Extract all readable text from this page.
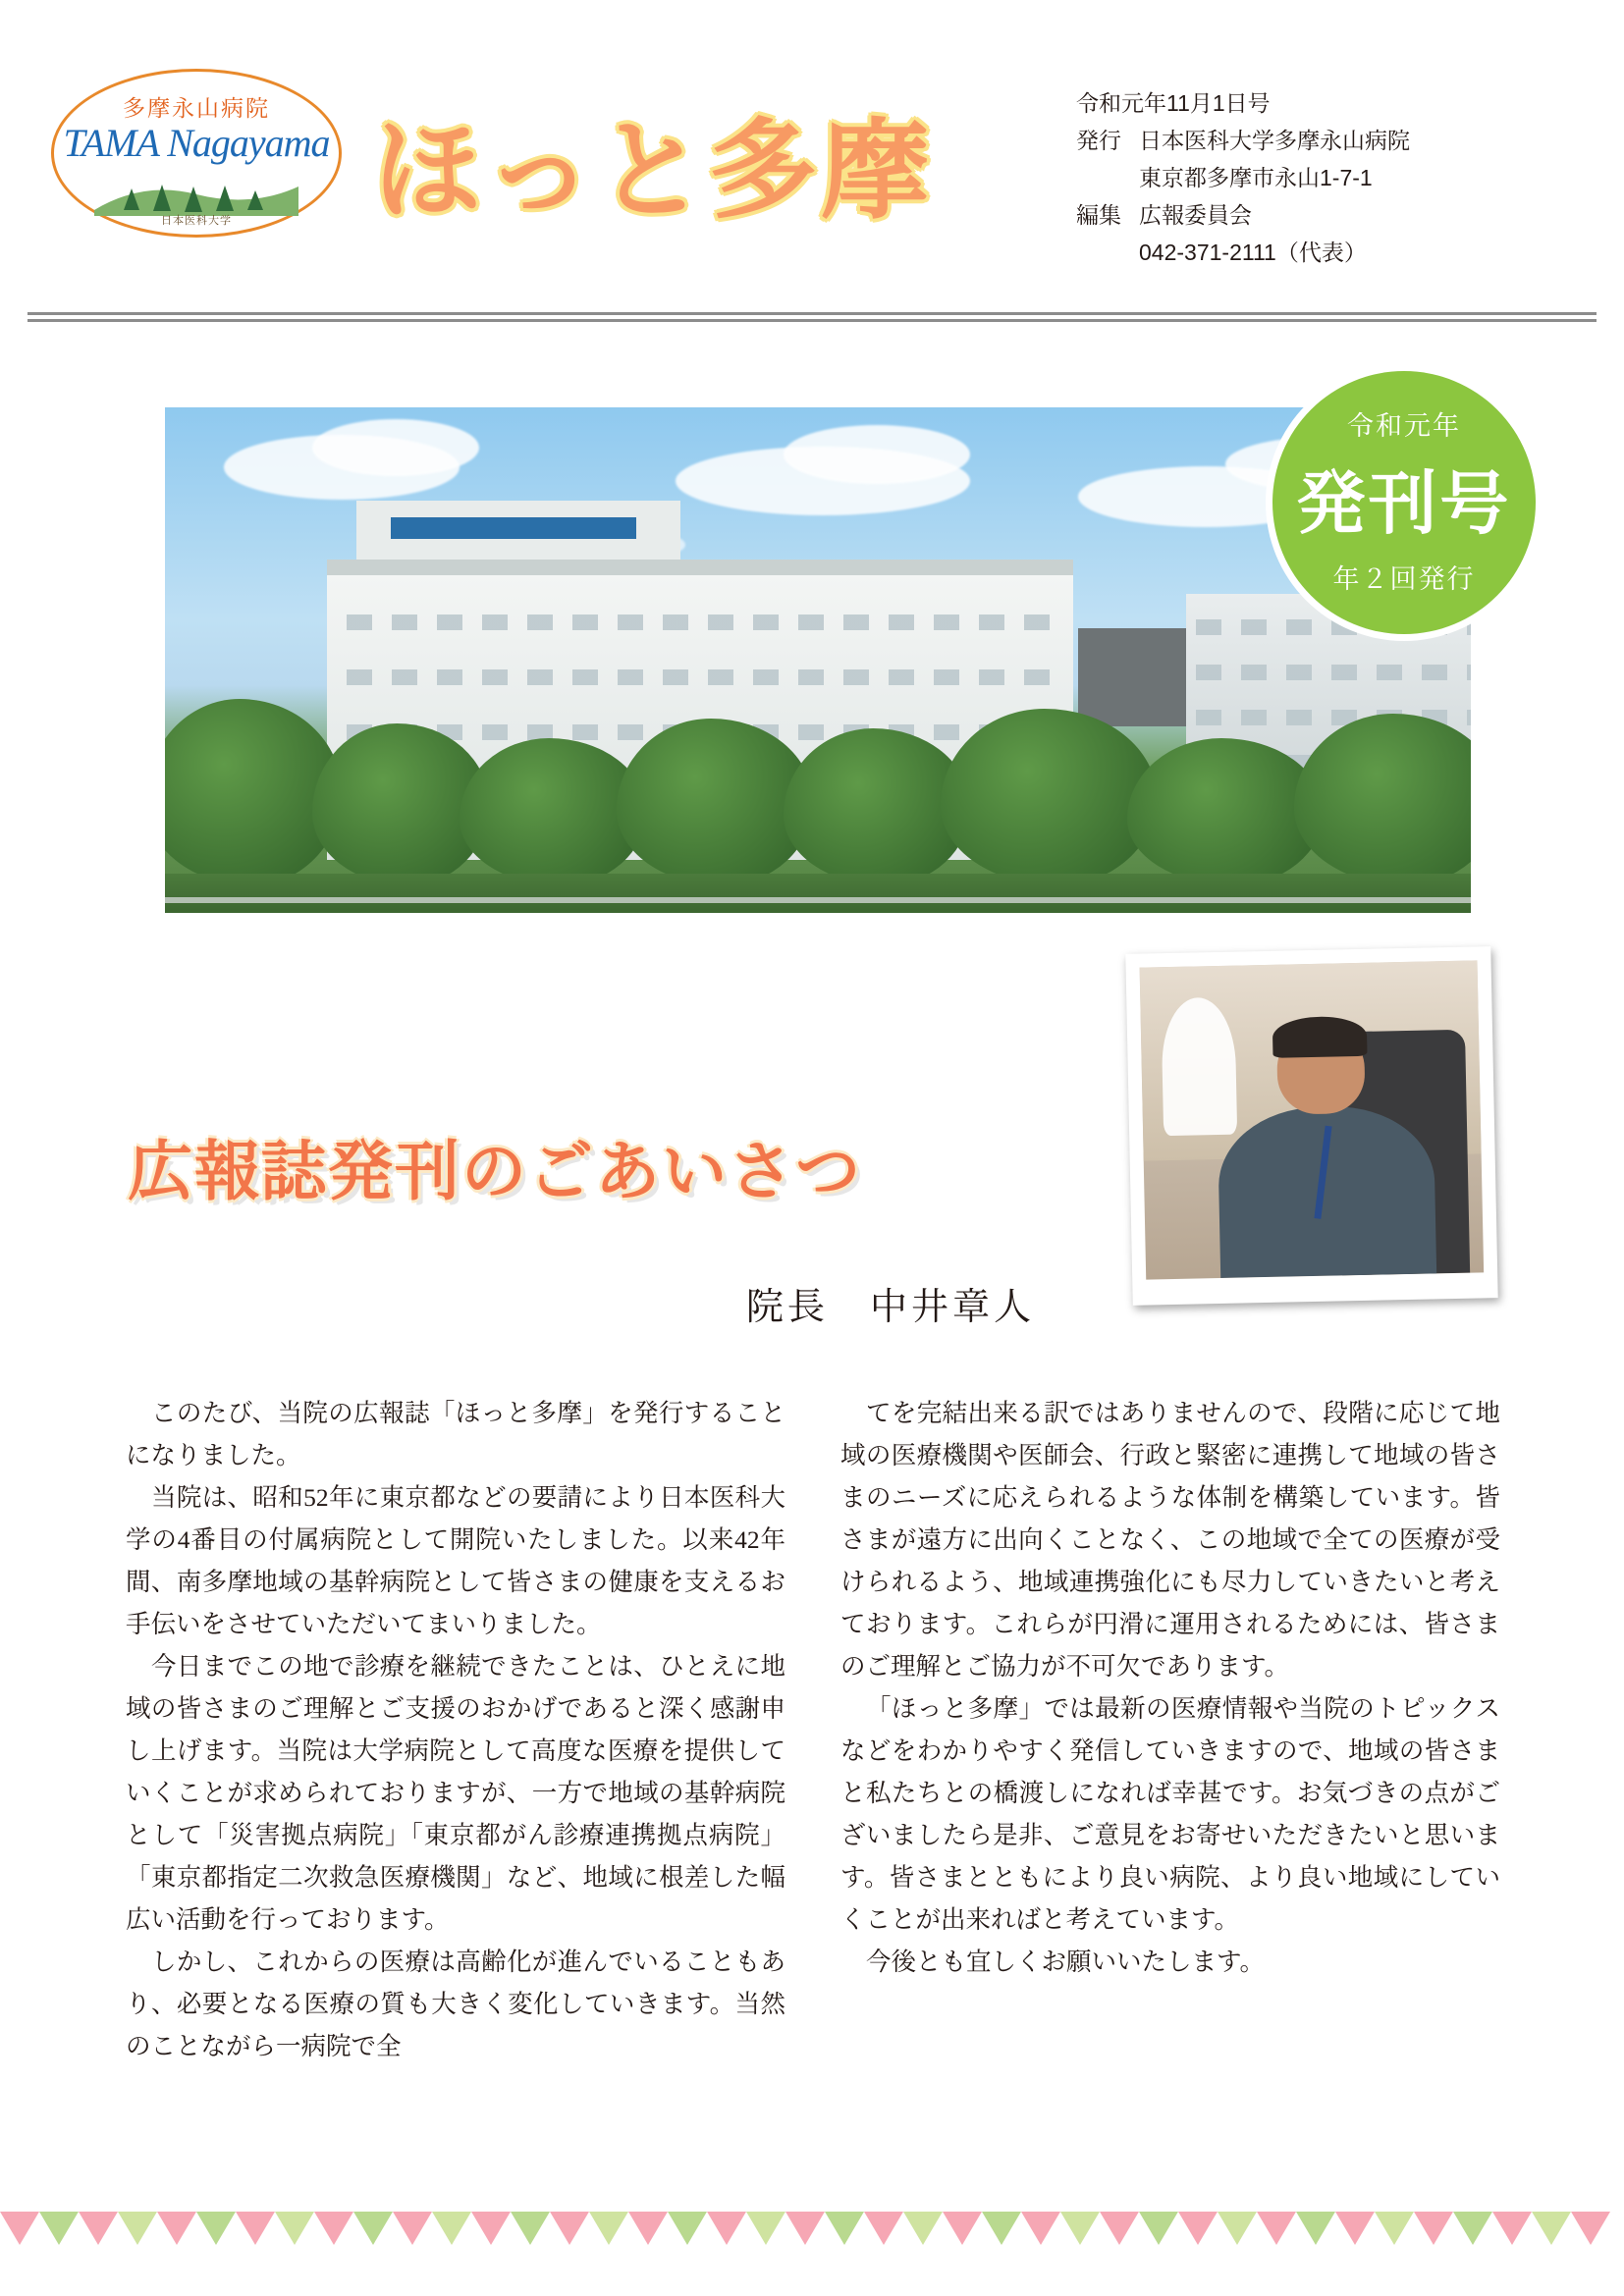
多摩永山病院
TAMA Nagayama
日本医科大学	ほっと多摩
令和元年11月1日号
発行 日本医科大学多摩永山病院
東京都多摩市永山1-7-1
編集 広報委員会
042-371-2111（代表）
令和元年
発刊号
年２回発行
広報誌発刊のごあいさつ
院長　中井章人

このたび、当院の広報誌「ほっと多摩」を発行することになりました。

当院は、昭和52年に東京都などの要請により日本医科大学の4番目の付属病院として開院いたしました。以来42年間、南多摩地域の基幹病院として皆さまの健康を支えるお手伝いをさせていただいてまいりました。

今日までこの地で診療を継続できたことは、ひとえに地域の皆さまのご理解とご支援のおかげであると深く感謝申し上げます。当院は大学病院として高度な医療を提供していくことが求められておりますが、一方で地域の基幹病院として「災害拠点病院」「東京都がん診療連携拠点病院」「東京都指定二次救急医療機関」など、地域に根差した幅広い活動を行っております。

しかし、これからの医療は高齢化が進んでいることもあり、必要となる医療の質も大きく変化していきます。当然のことながら一病院で全

てを完結出来る訳ではありませんので、段階に応じて地域の医療機関や医師会、行政と緊密に連携して地域の皆さまのニーズに応えられるような体制を構築しています。皆さまが遠方に出向くことなく、この地域で全ての医療が受けられるよう、地域連携強化にも尽力していきたいと考えております。これらが円滑に運用されるためには、皆さまのご理解とご協力が不可欠であります。

「ほっと多摩」では最新の医療情報や当院のトピックスなどをわかりやすく発信していきますので、地域の皆さまと私たちとの橋渡しになれば幸甚です。お気づきの点がございましたら是非、ご意見をお寄せいただきたいと思います。皆さまとともにより良い病院、より良い地域にしていくことが出来ればと考えています。

今後とも宜しくお願いいたします。
